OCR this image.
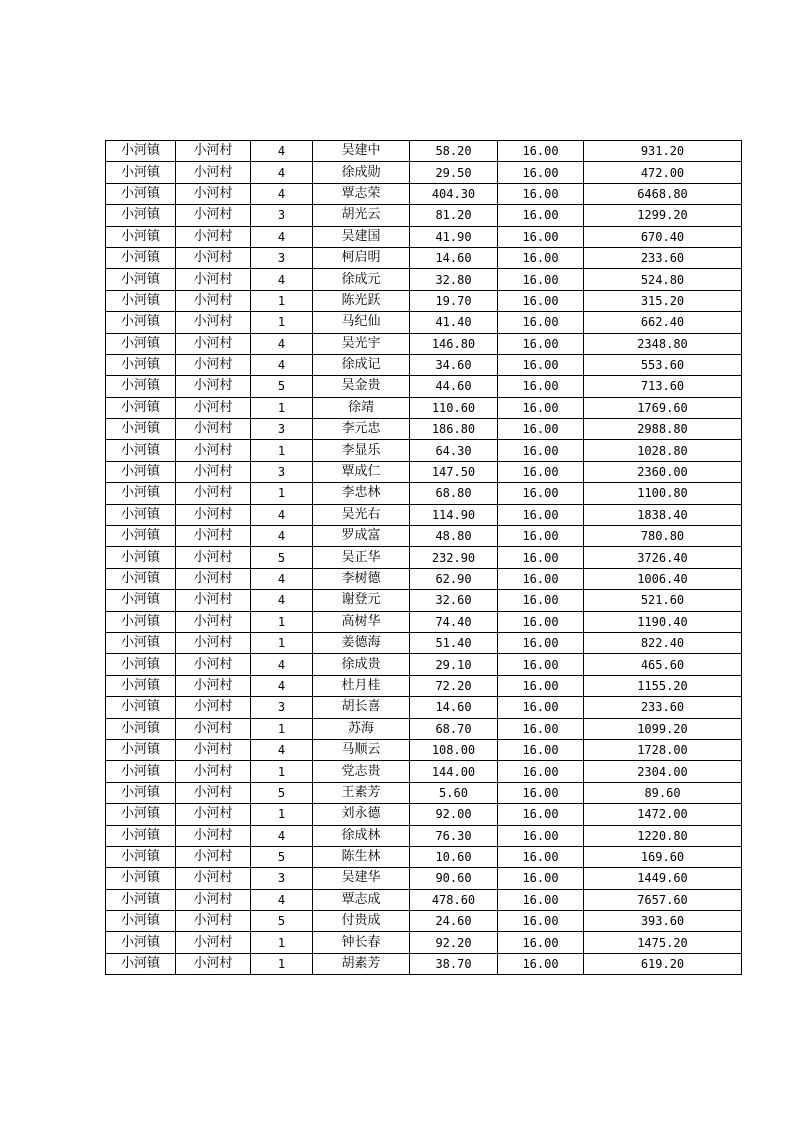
小河镇	小河村	4	吴建中	58.20	16.00	931.20
小河镇	小河村	4	徐成勋	29.50	16.00	472.00
小河镇	小河村	4	覃志荣	404.30	16.00	6468.80
小河镇	小河村	3	胡光云	81.20	16.00	1299.20
小河镇	小河村	4	吴建国	41.90	16.00	670.40
小河镇	小河村	3	柯启明	14.60	16.00	233.60
小河镇	小河村	4	徐成元	32.80	16.00	524.80
小河镇	小河村	1	陈光跃	19.70	16.00	315.20
小河镇	小河村	1	马纪仙	41.40	16.00	662.40
小河镇	小河村	4	吴光宇	146.80	16.00	2348.80
小河镇	小河村	4	徐成记	34.60	16.00	553.60
小河镇	小河村	5	吴金贵	44.60	16.00	713.60
小河镇	小河村	1	徐靖	110.60	16.00	1769.60
小河镇	小河村	3	李元忠	186.80	16.00	2988.80
小河镇	小河村	1	李显乐	64.30	16.00	1028.80
小河镇	小河村	3	覃成仁	147.50	16.00	2360.00
小河镇	小河村	1	李忠林	68.80	16.00	1100.80
小河镇	小河村	4	吴光右	114.90	16.00	1838.40
小河镇	小河村	4	罗成富	48.80	16.00	780.80
小河镇	小河村	5	吴正华	232.90	16.00	3726.40
小河镇	小河村	4	李树德	62.90	16.00	1006.40
小河镇	小河村	4	谢登元	32.60	16.00	521.60
小河镇	小河村	1	高树华	74.40	16.00	1190.40
小河镇	小河村	1	姜德海	51.40	16.00	822.40
小河镇	小河村	4	徐成贵	29.10	16.00	465.60
小河镇	小河村	4	杜月桂	72.20	16.00	1155.20
小河镇	小河村	3	胡长喜	14.60	16.00	233.60
小河镇	小河村	1	苏海	68.70	16.00	1099.20
小河镇	小河村	4	马顺云	108.00	16.00	1728.00
小河镇	小河村	1	党志贵	144.00	16.00	2304.00
小河镇	小河村	5	王素芳	5.60	16.00	89.60
小河镇	小河村	1	刘永德	92.00	16.00	1472.00
小河镇	小河村	4	徐成林	76.30	16.00	1220.80
小河镇	小河村	5	陈生林	10.60	16.00	169.60
小河镇	小河村	3	吴建华	90.60	16.00	1449.60
小河镇	小河村	4	覃志成	478.60	16.00	7657.60
小河镇	小河村	5	付贵成	24.60	16.00	393.60
小河镇	小河村	1	钟长春	92.20	16.00	1475.20
小河镇	小河村	1	胡素芳	38.70	16.00	619.20
